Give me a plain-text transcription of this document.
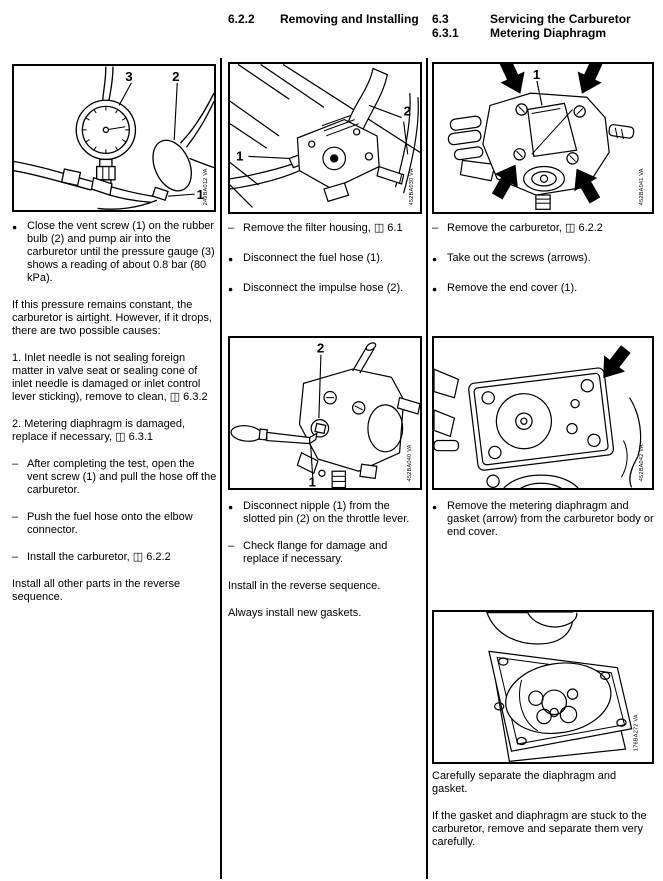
6.2.2	Removing and Installing 6.3	Servicing the Carburetor
6.3.1	Metering Diaphragm
3	2
1
249BA012 VA
1
2
452BA030 VA
1
452BA041 VA
2
1
452BA040 VA	452BA042 VA
176BA272 VA
● Close the vent screw (1) on the rubber bulb (2) and pump air into the carburetor until the pressure gauge (3) shows a reading of about 0.8 bar (80 kPa).
If this pressure remains constant, the carburetor is airtight. However, if it drops, there are two possible causes:
1. Inlet needle is not sealing foreign matter in valve seat or sealing cone of inlet needle is damaged or inlet control lever sticking), remove to clean, ◫ 6.3.2
2. Metering diaphragm is damaged, replace if necessary, ◫ 6.3.1
– After completing the test, open the vent screw (1) and pull the hose off the carburetor.
– Push the fuel hose onto the elbow connector.
– Install the carburetor, ◫ 6.2.2
Install all other parts in the reverse sequence.
– Remove the filter housing, ◫ 6.1
● Disconnect the fuel hose (1).
● Disconnect the impulse hose (2).
● Disconnect nipple (1) from the slotted pin (2) on the throttle lever.
– Check flange for damage and replace if necessary.
Install in the reverse sequence.
Always install new gaskets.
– Remove the carburetor, ◫ 6.2.2
● Take out the screws (arrows).
● Remove the end cover (1).
● Remove the metering diaphragm and gasket (arrow) from the carburetor body or end cover.
Carefully separate the diaphragm and gasket.
If the gasket and diaphragm are stuck to the carburetor, remove and separate them very carefully.
